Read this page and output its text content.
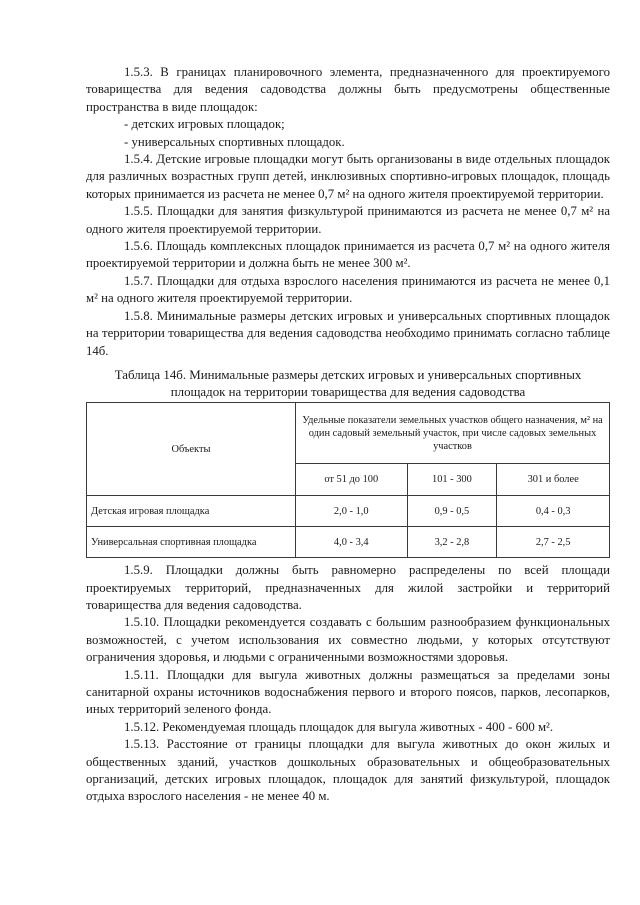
1.5.3. В границах планировочного элемента, предназначенного для проектируемого товарищества для ведения садоводства должны быть предусмотрены общественные пространства в виде площадок:

- детских игровых площадок;

- универсальных спортивных площадок.

1.5.4. Детские игровые площадки могут быть организованы в виде отдельных площадок для различных возрастных групп детей, инклюзивных спортивно-игровых площадок, площадь которых принимается из расчета не менее 0,7 м² на одного жителя проектируемой территории.

1.5.5. Площадки для занятия физкультурой принимаются из расчета не менее 0,7 м² на одного жителя проектируемой территории.

1.5.6. Площадь комплексных площадок принимается из расчета 0,7 м² на одного жителя проектируемой территории и должна быть не менее 300 м².

1.5.7. Площадки для отдыха взрослого населения принимаются из расчета не менее 0,1 м² на одного жителя проектируемой территории.

1.5.8. Минимальные размеры детских игровых и универсальных спортивных площадок на территории товарищества для ведения садоводства необходимо принимать согласно таблице 14б.

Таблица 14б. Минимальные размеры детских игровых и универсальных спортивных площадок на территории товарищества для ведения садоводства

Объекты	Удельные показатели земельных участков общего назначения, м² на один садовый земельный участок, при числе садовых земельных участков		
	от 51 до 100	101 - 300	301 и более
Детская игровая площадка	2,0 - 1,0	0,9 - 0,5	0,4 - 0,3
Универсальная спортивная площадка	4,0 - 3,4	3,2 - 2,8	2,7 - 2,5

1.5.9. Площадки должны быть равномерно распределены по всей площади проектируемых территорий, предназначенных для жилой застройки и территорий товарищества для ведения садоводства.

1.5.10. Площадки рекомендуется создавать с большим разнообразием функциональных возможностей, с учетом использования их совместно людьми, у которых отсутствуют ограничения здоровья, и людьми с ограниченными возможностями здоровья.

1.5.11. Площадки для выгула животных должны размещаться за пределами зоны санитарной охраны источников водоснабжения первого и второго поясов, парков, лесопарков, иных территорий зеленого фонда.

1.5.12. Рекомендуемая площадь площадок для выгула животных - 400 - 600 м².

1.5.13. Расстояние от границы площадки для выгула животных до окон жилых и общественных зданий, участков дошкольных образовательных и общеобразовательных организаций, детских игровых площадок, площадок для занятий физкультурой, площадок отдыха взрослого населения - не менее 40 м.
